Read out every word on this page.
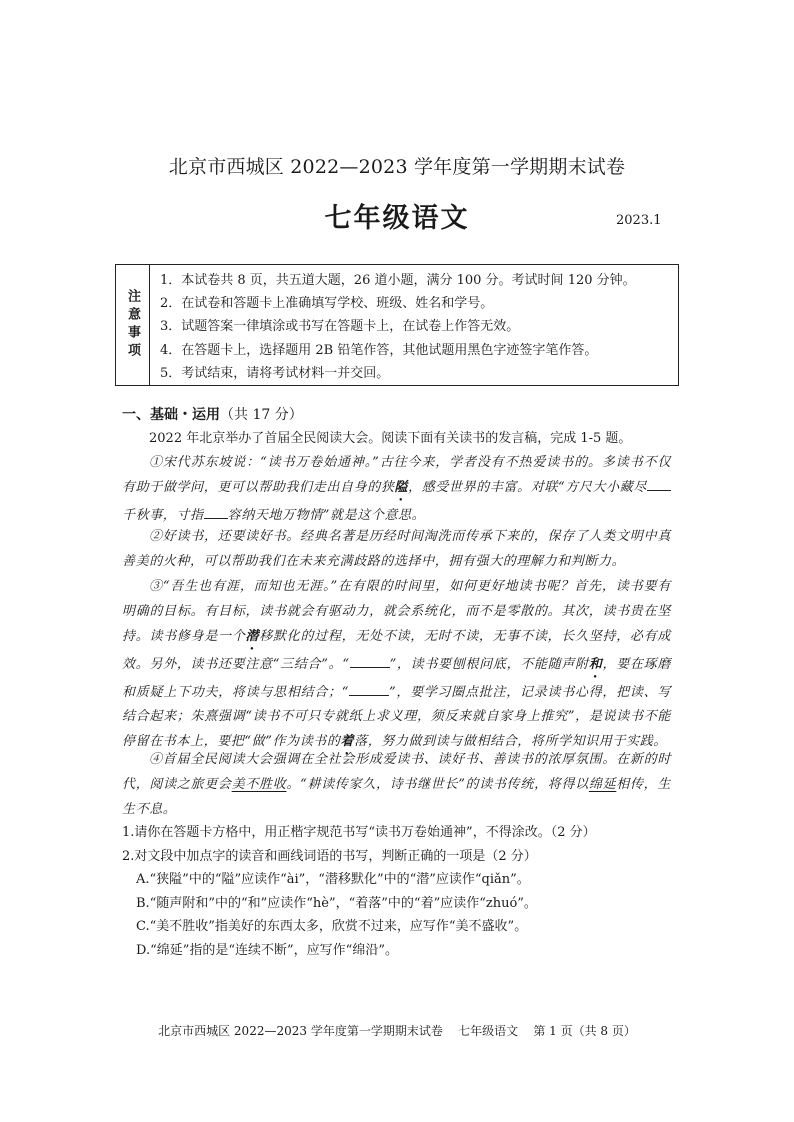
北京市西城区 2022—2023 学年度第一学期期末试卷
七年级语文	2023.1
注意事项
1．本试卷共 8 页，共五道大题，26 道小题，满分 100 分。考试时间 120 分钟。
2．在试卷和答题卡上准确填写学校、班级、姓名和学号。
3．试题答案一律填涂或书写在答题卡上，在试卷上作答无效。
4．在答题卡上，选择题用 2B 铅笔作答，其他试题用黑色字迹签字笔作答。
5．考试结束，请将考试材料一并交回。
一、基础・运用（共 17 分）
2022 年北京举办了首届全民阅读大会。阅读下面有关读书的发言稿，完成 1-5 题。
①宋代苏东坡说：“读书万卷始通神。”古往今来，学者没有不热爱读书的。多读书不仅有助于做学问，更可以帮助我们走出自身的狭隘，感受世界的丰富。对联“方尺大小藏尽千秋事，寸指 容纳天地万物情”就是这个意思。
②好读书，还要读好书。经典名著是历经时间淘洗而传承下来的，保存了人类文明中真善美的火种，可以帮助我们在未来充满歧路的选择中，拥有强大的理解力和判断力。
③“吾生也有涯，而知也无涯。”在有限的时间里，如何更好地读书呢？首先，读书要有明确的目标。有目标，读书就会有驱动力，就会系统化，而不是零散的。其次，读书贵在坚持。读书修身是一个潜移默化的过程，无处不读，无时不读，无事不读，长久坚持，必有成效。另外，读书还要注意“三结合”。“	”，读书要刨根问底，不能随声附和，要在琢磨和质疑上下功夫，将读与思相结合；“	”，要学习圈点批注，记录读书心得，把读、写结合起来；朱熹强调“读书不可只专就纸上求义理，须反来就自家身上推究”，是说读书不能停留在书本上，要把“做”作为读书的着落，努力做到读与做相结合，将所学知识用于实践。
④首届全民阅读大会强调在全社会形成爱读书、读好书、善读书的浓厚氛围。在新的时代，阅读之旅更会美不胜收。“耕读传家久，诗书继世长”的读书传统，将得以绵延相传，生生不息。
1.请你在答题卡方格中，用正楷字规范书写“读书万卷始通神”，不得涂改。（2 分）
2.对文段中加点字的读音和画线词语的书写，判断正确的一项是（2 分）
A.“狭隘”中的“隘”应读作“ài”，“潜移默化”中的“潜”应读作“qiǎn”。
B.“随声附和”中的“和”应读作“hè”，“着落”中的“着”应读作“zhuó”。
C.“美不胜收”指美好的东西太多，欣赏不过来，应写作“美不盛收”。
D.“绵延”指的是“连续不断”，应写作“绵沿”。
北京市西城区 2022—2023 学年度第一学期期末试卷    七年级语文    第 1 页（共 8 页）
